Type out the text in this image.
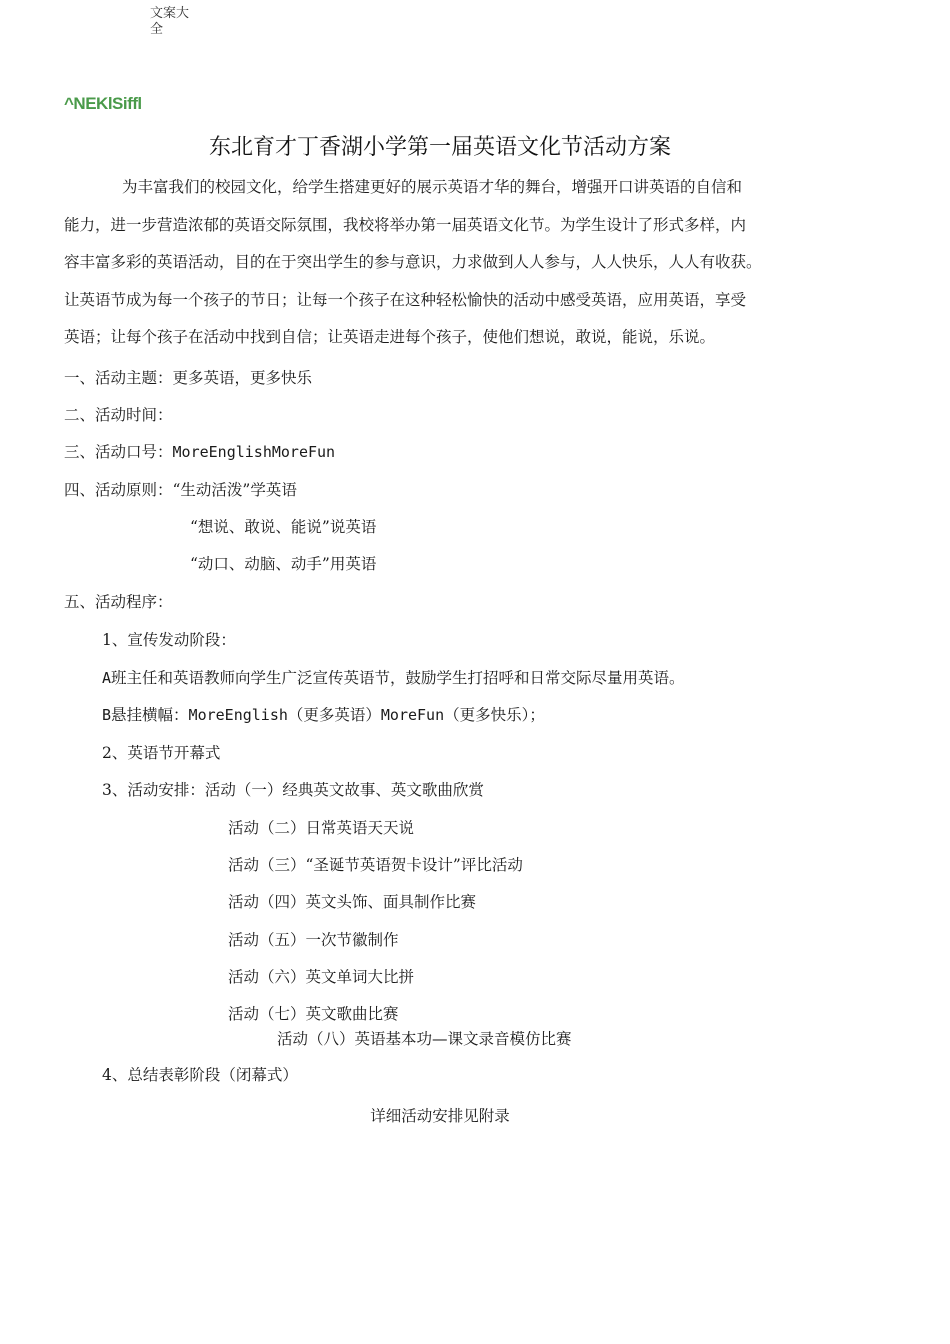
文案大全
^NEKlSiffl
东北育才丁香湖小学第一届英语文化节活动方案
为丰富我们的校园文化，给学生搭建更好的展示英语才华的舞台，增强开口讲英语的自信和
能力，进一步营造浓郁的英语交际氛围，我校将举办第一届英语文化节。为学生设计了形式多样，内
容丰富多彩的英语活动，目的在于突出学生的参与意识，力求做到人人参与，人人快乐，人人有收获。
让英语节成为每一个孩子的节日；让每一个孩子在这种轻松愉快的活动中感受英语，应用英语，享受
英语；让每个孩子在活动中找到自信；让英语走进每个孩子，使他们想说，敢说，能说，乐说。
一、活动主题：更多英语，更多快乐
二、活动时间：
三、活动口号：MoreEnglishMoreFun
四、活动原则：“生动活泼”学英语
“想说、敢说、能说”说英语
“动口、动脑、动手”用英语
五、活动程序：
1、宣传发动阶段：
A班主任和英语教师向学生广泛宣传英语节，鼓励学生打招呼和日常交际尽量用英语。
B悬挂横幅：MoreEnglish（更多英语）MoreFun（更多快乐）；
2、英语节开幕式
3、活动安排：活动（一）经典英文故事、英文歌曲欣赏
活动（二）日常英语天天说
活动（三）“圣诞节英语贺卡设计”评比活动
活动（四）英文头饰、面具制作比赛
活动（五）一次节徽制作
活动（六）英文单词大比拼
活动（七）英文歌曲比赛
活动（八）英语基本功—课文录音模仿比赛
4、总结表彰阶段（闭幕式）
详细活动安排见附录
